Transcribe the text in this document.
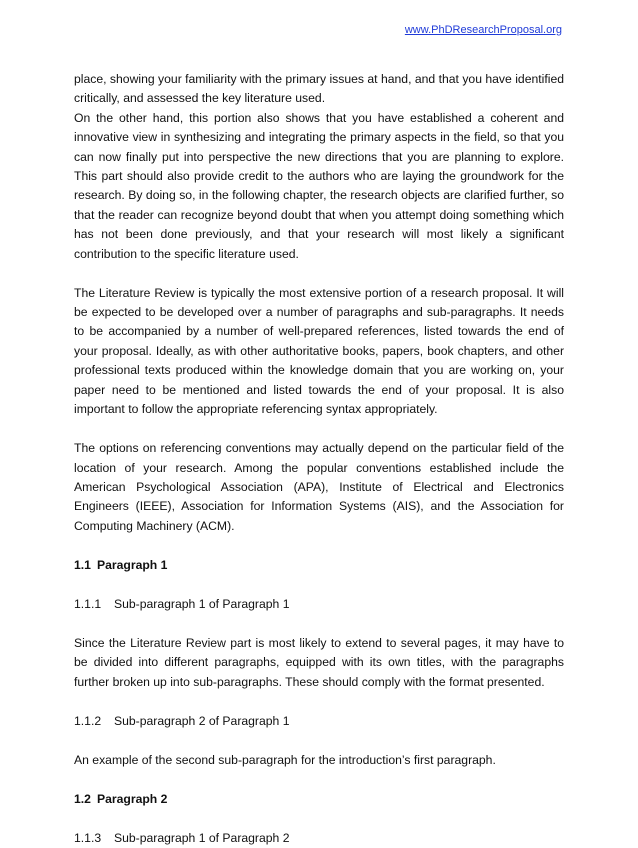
www.PhDResearchProposal.org

place, showing your familiarity with the primary issues at hand, and that you have identified critically, and assessed the key literature used.

On the other hand, this portion also shows that you have established a coherent and innovative view in synthesizing and integrating the primary aspects in the field, so that you can now finally put into perspective the new directions that you are planning to explore. This part should also provide credit to the authors who are laying the groundwork for the research. By doing so, in the following chapter, the research objects are clarified further, so that the reader can recognize beyond doubt that when you attempt doing something which has not been done previously, and that your research will most likely a significant contribution to the specific literature used.

The Literature Review is typically the most extensive portion of a research proposal. It will be expected to be developed over a number of paragraphs and sub-paragraphs. It needs to be accompanied by a number of well-prepared references, listed towards the end of your proposal. Ideally, as with other authoritative books, papers, book chapters, and other professional texts produced within the knowledge domain that you are working on, your paper need to be mentioned and listed towards the end of your proposal. It is also important to follow the appropriate referencing syntax appropriately.

The options on referencing conventions may actually depend on the particular field of the location of your research. Among the popular conventions established include the American Psychological Association (APA), Institute of Electrical and Electronics Engineers (IEEE), Association for Information Systems (AIS), and the Association for Computing Machinery (ACM).

1.1 Paragraph 1

1.1.1 Sub-paragraph 1 of Paragraph 1

Since the Literature Review part is most likely to extend to several pages, it may have to be divided into different paragraphs, equipped with its own titles, with the paragraphs further broken up into sub-paragraphs. These should comply with the format presented.

1.1.2 Sub-paragraph 2 of Paragraph 1

An example of the second sub-paragraph for the introduction’s first paragraph.

1.2 Paragraph 2

1.1.3 Sub-paragraph 1 of Paragraph 2
